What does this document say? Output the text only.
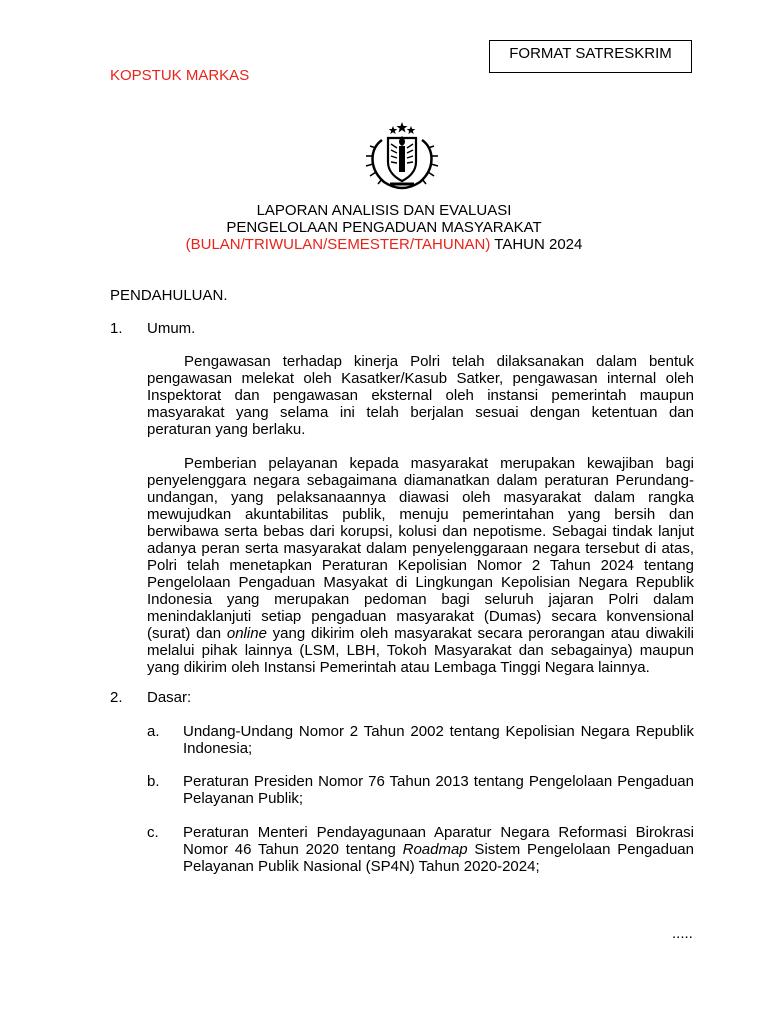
FORMAT SATRESKRIM
KOPSTUK MARKAS
LAPORAN ANALISIS DAN EVALUASI
PENGELOLAAN PENGADUAN MASYARAKAT
(BULAN/TRIWULAN/SEMESTER/TAHUNAN) TAHUN 2024
PENDAHULUAN.
1. Umum.
Pengawasan terhadap kinerja Polri telah dilaksanakan dalam bentuk pengawasan melekat oleh Kasatker/Kasub Satker, pengawasan internal oleh Inspektorat dan pengawasan eksternal oleh instansi pemerintah maupun masyarakat yang selama ini telah berjalan sesuai dengan ketentuan dan peraturan yang berlaku.
Pemberian pelayanan kepada masyarakat merupakan kewajiban bagi penyelenggara negara sebagaimana diamanatkan dalam peraturan Perundang-undangan, yang pelaksanaannya diawasi oleh masyarakat dalam rangka mewujudkan akuntabilitas publik, menuju pemerintahan yang bersih dan berwibawa serta bebas dari korupsi, kolusi dan nepotisme. Sebagai tindak lanjut adanya peran serta masyarakat dalam penyelenggaraan negara tersebut di atas, Polri telah menetapkan Peraturan Kepolisian Nomor 2 Tahun 2024 tentang Pengelolaan Pengaduan Masyakat di Lingkungan Kepolisian Negara Republik Indonesia yang merupakan pedoman bagi seluruh jajaran Polri dalam menindaklanjuti setiap pengaduan masyarakat (Dumas) secara konvensional (surat) dan online yang dikirim oleh masyarakat secara perorangan atau diwakili melalui pihak lainnya (LSM, LBH, Tokoh Masyarakat dan sebagainya) maupun yang dikirim oleh Instansi Pemerintah atau Lembaga Tinggi Negara lainnya.
2. Dasar:
a. Undang-Undang Nomor 2 Tahun 2002 tentang Kepolisian Negara Republik Indonesia;
b. Peraturan Presiden Nomor 76 Tahun 2013 tentang Pengelolaan Pengaduan Pelayanan Publik;
c. Peraturan Menteri Pendayagunaan Aparatur Negara Reformasi Birokrasi Nomor 46 Tahun 2020 tentang Roadmap Sistem Pengelolaan Pengaduan Pelayanan Publik Nasional (SP4N) Tahun 2020-2024;
.....
